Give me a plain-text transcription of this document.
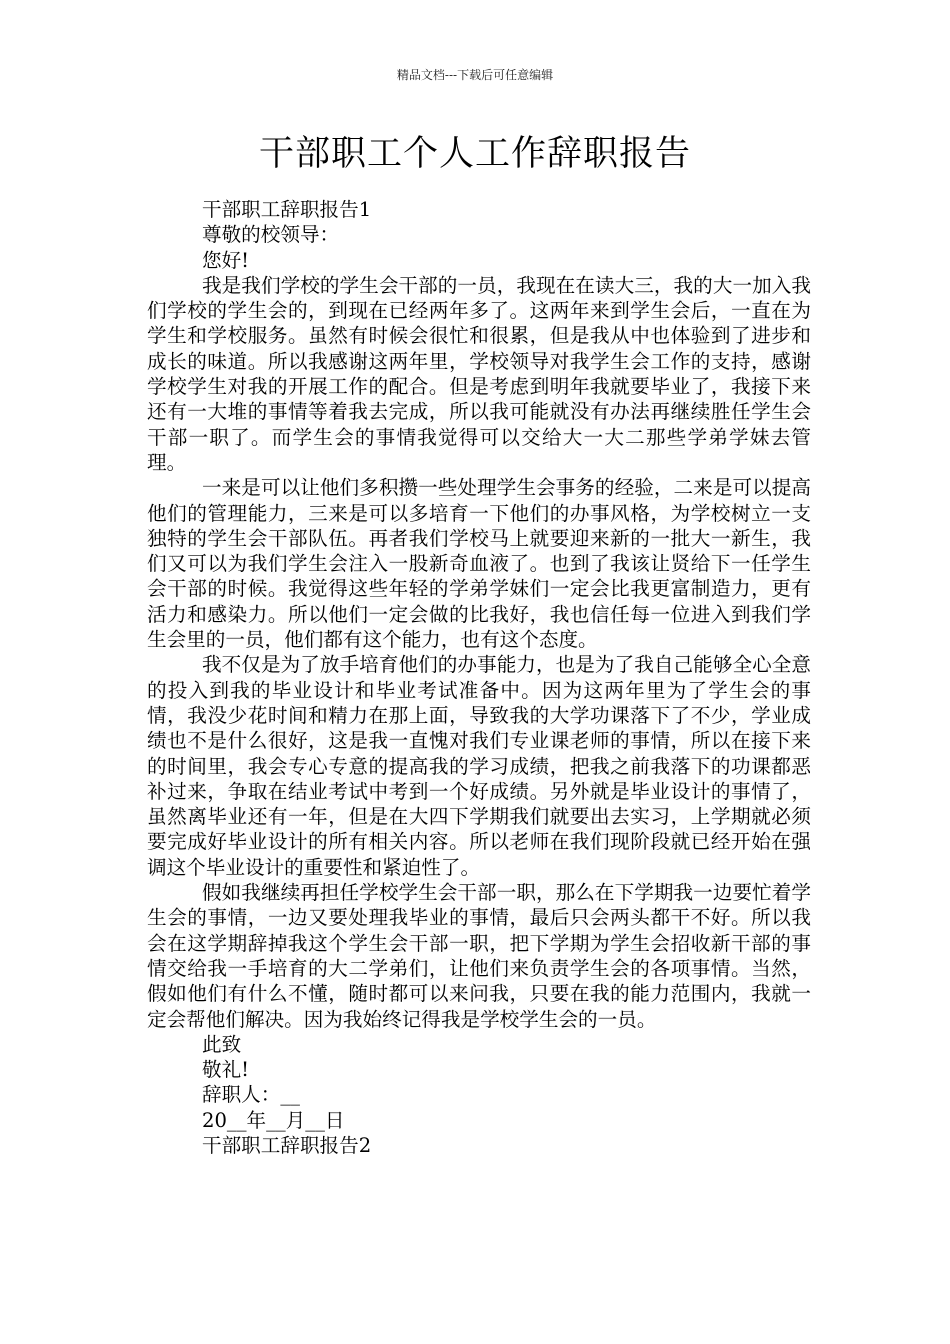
精品文档---下载后可任意编辑
干部职工个人工作辞职报告
干部职工辞职报告1
尊敬的校领导：
您好!
我是我们学校的学生会干部的一员，我现在在读大三，我的大一加入我们学校的学生会的，到现在已经两年多了。这两年来到学生会后，一直在为学生和学校服务。虽然有时候会很忙和很累，但是我从中也体验到了进步和成长的味道。所以我感谢这两年里，学校领导对我学生会工作的支持，感谢学校学生对我的开展工作的配合。但是考虑到明年我就要毕业了，我接下来还有一大堆的事情等着我去完成，所以我可能就没有办法再继续胜任学生会干部一职了。而学生会的事情我觉得可以交给大一大二那些学弟学妹去管理。
一来是可以让他们多积攒一些处理学生会事务的经验，二来是可以提高他们的管理能力，三来是可以多培育一下他们的办事风格，为学校树立一支独特的学生会干部队伍。再者我们学校马上就要迎来新的一批大一新生，我们又可以为我们学生会注入一股新奇血液了。也到了我该让贤给下一任学生会干部的时候。我觉得这些年轻的学弟学妹们一定会比我更富制造力，更有活力和感染力。所以他们一定会做的比我好，我也信任每一位进入到我们学生会里的一员，他们都有这个能力，也有这个态度。
我不仅是为了放手培育他们的办事能力，也是为了我自己能够全心全意的投入到我的毕业设计和毕业考试准备中。因为这两年里为了学生会的事情，我没少花时间和精力在那上面，导致我的大学功课落下了不少，学业成绩也不是什么很好，这是我一直愧对我们专业课老师的事情，所以在接下来的时间里，我会专心专意的提高我的学习成绩，把我之前我落下的功课都恶补过来，争取在结业考试中考到一个好成绩。另外就是毕业设计的事情了，虽然离毕业还有一年，但是在大四下学期我们就要出去实习，上学期就必须要完成好毕业设计的所有相关内容。所以老师在我们现阶段就已经开始在强调这个毕业设计的重要性和紧迫性了。
假如我继续再担任学校学生会干部一职，那么在下学期我一边要忙着学生会的事情，一边又要处理我毕业的事情，最后只会两头都干不好。所以我会在这学期辞掉我这个学生会干部一职，把下学期为学生会招收新干部的事情交给我一手培育的大二学弟们，让他们来负责学生会的各项事情。当然，假如他们有什么不懂，随时都可以来问我，只要在我的能力范围内，我就一定会帮他们解决。因为我始终记得我是学校学生会的一员。
此致
敬礼!
辞职人：__
20__年__月__日
干部职工辞职报告2
